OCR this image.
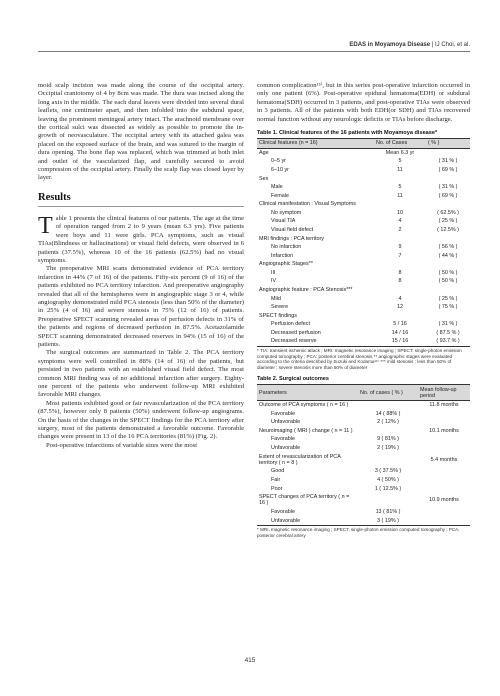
EDAS in Moyamoya Disease | IJ Choi, et al.

moid scalp incision was made along the course of the occipital artery. Occipital craniotomy of 4 by 8cm was made. The dura was incised along the long axis in the middle. The each dural leaves were divided into several dural leaflets, one centimeter apart, and then infolded into the subdural space, leaving the prominent meningeal artery intact. The arachnoid membrane over the cortical sulci was dissected as widely as possible to promote the in-growth of neovasculature. The occipital artery with its attached galea was placed on the exposed surface of the brain, and was sutured to the margin of dura opening. The bone flap was replaced, which was trimmed at both inlet and outlet of the vascularized flap, and carefully secured to avoid compression of the occipital artery. Finally the scalp flap was closed layer by layer.

Results

Table 1 presents the clinical features of our patients. The age at the time of operation ranged from 2 to 9 years (mean 6.3 yrs). Five patients were boys and 11 were girls. PCA symptoms, such as visual TIAs(Blindness or hallucinations) or visual field defects, were observed in 6 patients (37.5%), whereas 10 of the 16 patients (62.5%) had no visual symptoms.

The preoperative MRI scans demonstrated evidence of PCA territory infarction in 44% (7 of 16) of the patients. Fifty-six percent (9 of 16) of the patients exhibited no PCA territory infarction. And preoperative angiography revealed that all of the hemispheres were in angiographic stage 3 or 4, while angiography demonstrated mild PCA stenosis (less than 50% of the diameter) in 25% (4 of 16) and severe stenosis in 75% (12 of 16) of patients. Preoperative SPECT scanning revealed areas of perfusion defects in 31% of the patients and regions of decreased perfusion in 87.5%. Acetazolamide SPECT scanning demonstrated decreased reserves in 94% (15 of 16) of the patients.

The surgical outcomes are summarized in Table 2. The PCA territory symptoms were well controlled in 88% (14 of 16) of the patients, but persisted in two patients with an established visual field defect. The most common MRI finding was of no additional infarction after surgery. Eighty-one percent of the patients who underwent follow-up MRI exhibited favorable MRI changes.

Most patients exhibited good or fair revascularization of the PCA territory (87.5%), however only 8 patients (50%) underwent follow-up angiograms. On the basis of the changes in the SPECT findings for the PCA territory after surgery, most of the patients demonstrated a favorable outcome. Favorable changes were present in 13 of the 16 PCA territories (81%) (Fig. 2).

Post-operative infarctions of variable sizes were the most

common complication¹⁵⁾, but in this series post-operative infarction occurred in only one patient (6%). Post-operative epidural hematoma(EDH) or subdural hematoma(SDH) occurred in 3 patients, and post-operative TIAs were observed in 3 patients. All of the patients with both EDH(or SDH) and TIAs recovered normal function without any neurologic deficits or TIAs before discharge.

Table 1. Clinical features of the 16 patients with Moyamoya disease*
Clinical features (n = 16)	No. of Cases	( % )
Age	Mean 6.3 yr	
0–5 yr	5	( 31 % )
6–10 yr	11	( 69 % )
Sex		
Male	5	( 31 % )
Female	11	( 69 % )
Clinical manifestation : Visual Symptoms		
No symptom	10	( 62.5% )
Visual TIA	4	( 25 % )
Visual field defect	2	( 12.5% )
MRI findings : PCA territory		
No infarction	9	( 56 % )
Infarction	7	( 44 % )
Angiographic Stages**		
III	8	( 50 % )
IV	8	( 50 % )
Angiographic feature : PCA Stenosis***		
Mild	4	( 25 % )
Severe	12	( 75 % )
SPECT findings		
Perfusion defect	5 / 16	( 31 % )
Decreased perfusion	14 / 16	( 87.5 % )
Decreased reserve	15 / 16	( 93.7 % )
* TIA: transient ischemic attack ; MRI: magnetic resonance imaging ; SPECT: single-photon emission computed tomography ; PCA: posterior cerebral stenosis ** angiographic stages were evaluated according to the criteria described by Suzuki and Kodama¹⁶⁾ *** mild stenosis ; less than 50% of diameter ; severe stenosis more than 50% of diameter
Table 2. Surgical outcomes
Parameters	No. of cases ( % )	Mean follow-up period
Outcome of PCA symptoms ( n = 16 )		11.8 months
Favorable	14 ( 88% )	
Unfavorable	2 ( 12% )	
Neuroimaging ( MRI ) change ( n = 11 )		10.1 months
Favorable	9 ( 81% )	
Unfavorable	2 ( 19% )	
Extent of revascularization of PCA territory ( n = 8 )		5.4 months
Good	3 ( 37.5% )	
Fair	4 ( 50% )	
Poor	1 ( 12.5% )	
SPECT changes of PCA territory ( n = 16 )		10.9 months
Favorable	13 ( 81% )	
Unfavorable	3 ( 19% )	
* MRI, magnetic resonance imaging ; SPECT, single-photon emission computed tomography ; PCA, posterior cerebral artery
415
